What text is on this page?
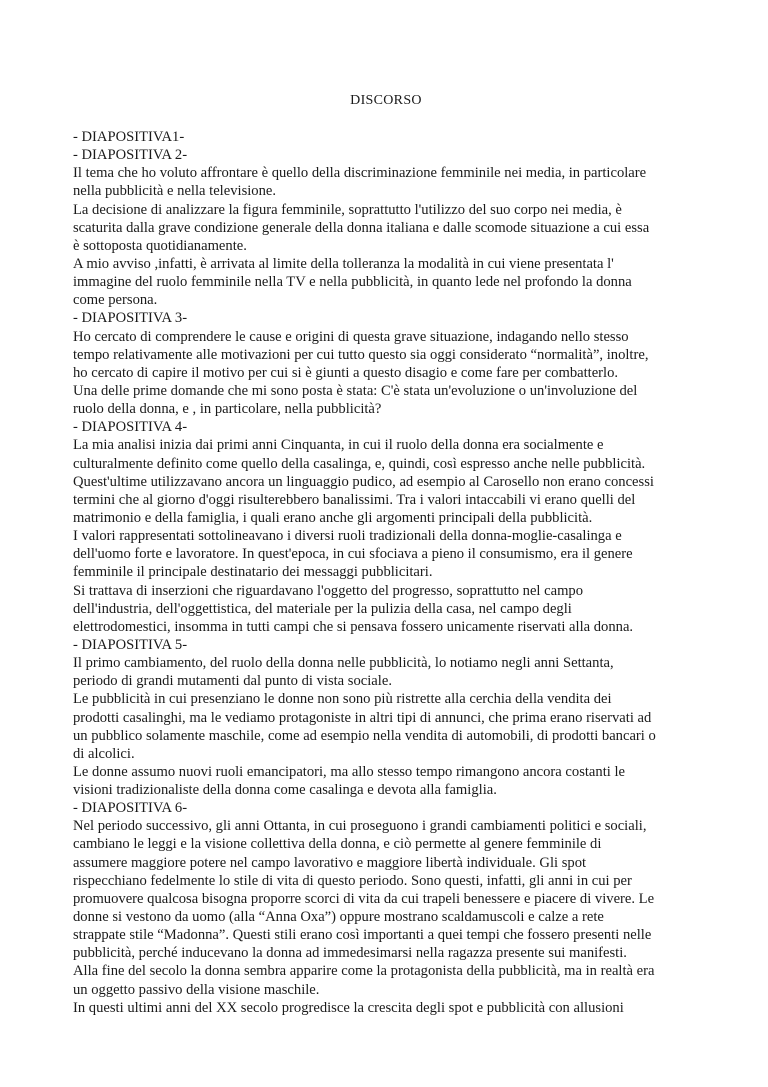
DISCORSO
- DIAPOSITIVA1-
- DIAPOSITIVA 2-
Il tema che ho voluto affrontare è quello della discriminazione femminile nei media, in particolare
nella pubblicità e nella televisione.
La decisione di analizzare la figura femminile, soprattutto l'utilizzo del suo corpo nei media, è
scaturita dalla grave condizione generale della donna italiana e dalle scomode situazione a cui essa
è sottoposta quotidianamente.
A mio avviso ,infatti, è arrivata al limite della tolleranza la modalità in cui viene presentata l'
immagine del ruolo femminile nella TV e nella pubblicità, in quanto lede nel profondo la donna
come persona.
- DIAPOSITIVA 3-
Ho cercato di comprendere le cause e origini di questa grave situazione, indagando nello stesso
tempo relativamente alle motivazioni per cui tutto questo sia oggi considerato “normalità”, inoltre,
ho cercato di capire il motivo per cui si è giunti a questo disagio e come fare per combatterlo.
Una delle prime domande che mi sono posta è stata: C'è stata un'evoluzione o un'involuzione del
ruolo della donna, e , in particolare, nella pubblicità?
- DIAPOSITIVA 4-
La mia analisi inizia dai primi anni Cinquanta, in cui il ruolo della donna era socialmente e
culturalmente definito come quello della casalinga, e, quindi, così espresso anche nelle pubblicità.
Quest'ultime utilizzavano ancora un linguaggio pudico, ad esempio al Carosello non erano concessi
termini che al giorno d'oggi risulterebbero banalissimi. Tra i valori intaccabili vi erano quelli del
matrimonio e della famiglia, i quali erano anche gli argomenti principali della pubblicità.
I valori rappresentati sottolineavano i diversi ruoli tradizionali della donna-moglie-casalinga e
dell'uomo forte e lavoratore. In quest'epoca, in cui sfociava a pieno il consumismo, era il genere
femminile il principale destinatario dei messaggi pubblicitari.
Si trattava di inserzioni che riguardavano l'oggetto del progresso, soprattutto nel campo
dell'industria, dell'oggettistica, del materiale per la pulizia della casa, nel campo degli
elettrodomestici, insomma in tutti campi che si pensava fossero unicamente riservati alla donna.
- DIAPOSITIVA 5-
Il primo cambiamento, del ruolo della donna nelle pubblicità, lo notiamo negli anni Settanta,
periodo di grandi mutamenti dal punto di vista sociale.
Le pubblicità in cui presenziano le donne non sono più ristrette alla cerchia della vendita dei
prodotti casalinghi, ma le vediamo protagoniste in altri tipi di annunci, che prima erano riservati ad
un pubblico solamente maschile, come ad esempio nella vendita di automobili, di prodotti bancari o
di alcolici.
Le donne assumo nuovi ruoli emancipatori, ma allo stesso tempo rimangono ancora costanti le
visioni tradizionaliste della donna come casalinga e devota alla famiglia.
- DIAPOSITIVA 6-
Nel periodo successivo, gli anni Ottanta, in cui proseguono i grandi cambiamenti politici e sociali,
cambiano le leggi e la visione collettiva della donna, e ciò permette al genere femminile di
assumere maggiore potere nel campo lavorativo e maggiore libertà individuale. Gli spot
rispecchiano fedelmente lo stile di vita di questo periodo. Sono questi, infatti, gli anni in cui per
promuovere qualcosa bisogna proporre scorci di vita da cui trapeli benessere e piacere di vivere. Le
donne si vestono da uomo (alla “Anna Oxa”) oppure mostrano scaldamuscoli e calze a rete
strappate stile “Madonna”. Questi stili erano così importanti a quei tempi che fossero presenti nelle
pubblicità, perché inducevano la donna ad immedesimarsi nella ragazza presente sui manifesti.
Alla fine del secolo la donna sembra apparire come la protagonista della pubblicità, ma in realtà era
un oggetto passivo della visione maschile.
In questi ultimi anni del XX secolo progredisce la crescita degli spot e pubblicità con allusioni
